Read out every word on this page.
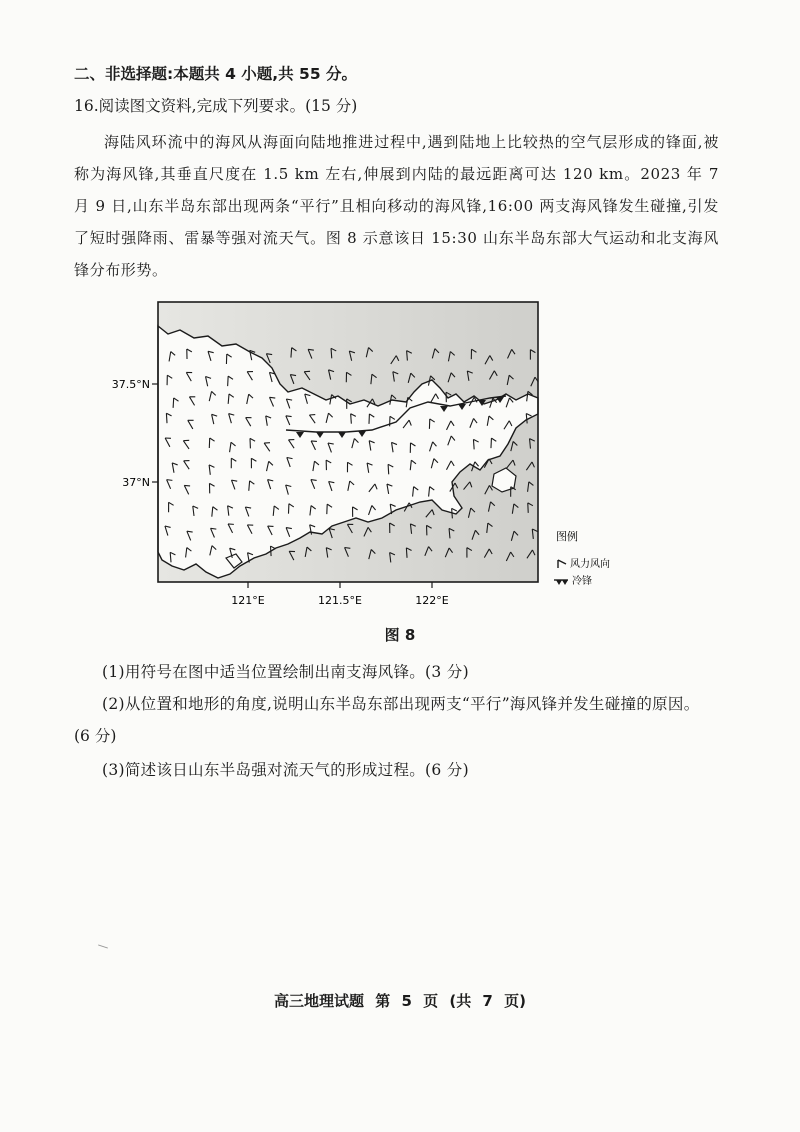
二、非选择题:本题共 4 小题,共 55 分。

16.阅读图文资料,完成下列要求。(15 分)

海陆风环流中的海风从海面向陆地推进过程中,遇到陆地上比较热的空气层形成的锋面,被称为海风锋,其垂直尺度在 1.5 km 左右,伸展到内陆的最远距离可达 120 km。2023 年 7 月 9 日,山东半岛东部出现两条“平行”且相向移动的海风锋,16:00 两支海风锋发生碰撞,引发了短时强降雨、雷暴等强对流天气。图 8 示意该日 15:30 山东半岛东部大气运动和北支海风锋分布形势。

37.5°N
37°N
121°E	121.5°E	122°E
图例
风力风向
冷锋

图 8

(1)用符号在图中适当位置绘制出南支海风锋。(3 分)

(2)从位置和地形的角度,说明山东半岛东部出现两支“平行”海风锋并发生碰撞的原因。

(6 分)

(3)简述该日山东半岛强对流天气的形成过程。(6 分)

高三地理试题 第 5 页 (共 7 页)
